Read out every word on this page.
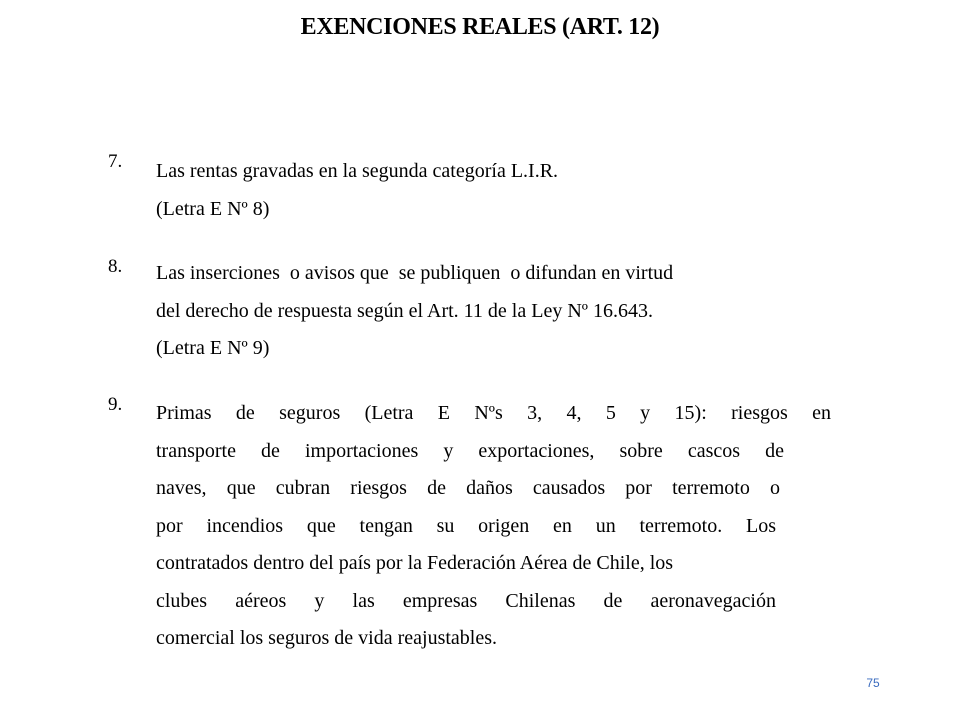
EXENCIONES REALES (ART. 12)
7. Las rentas gravadas en la segunda categoría L.I.R.
(Letra E Nº 8)
8. Las inserciones  o avisos que  se publiquen  o difundan en virtud
del derecho de respuesta según el Art. 11 de la Ley Nº 16.643.
(Letra E Nº 9)
9. Primas de seguros (Letra E Nºs 3, 4, 5 y 15): riesgos en
transporte de importaciones y exportaciones, sobre cascos de
naves, que cubran riesgos de daños causados por terremoto o
por incendios que tengan su origen en un terremoto. Los
contratados dentro del país por la Federación Aérea de Chile, los
clubes aéreos y las empresas Chilenas de aeronavegación
comercial los seguros de vida reajustables.
75
